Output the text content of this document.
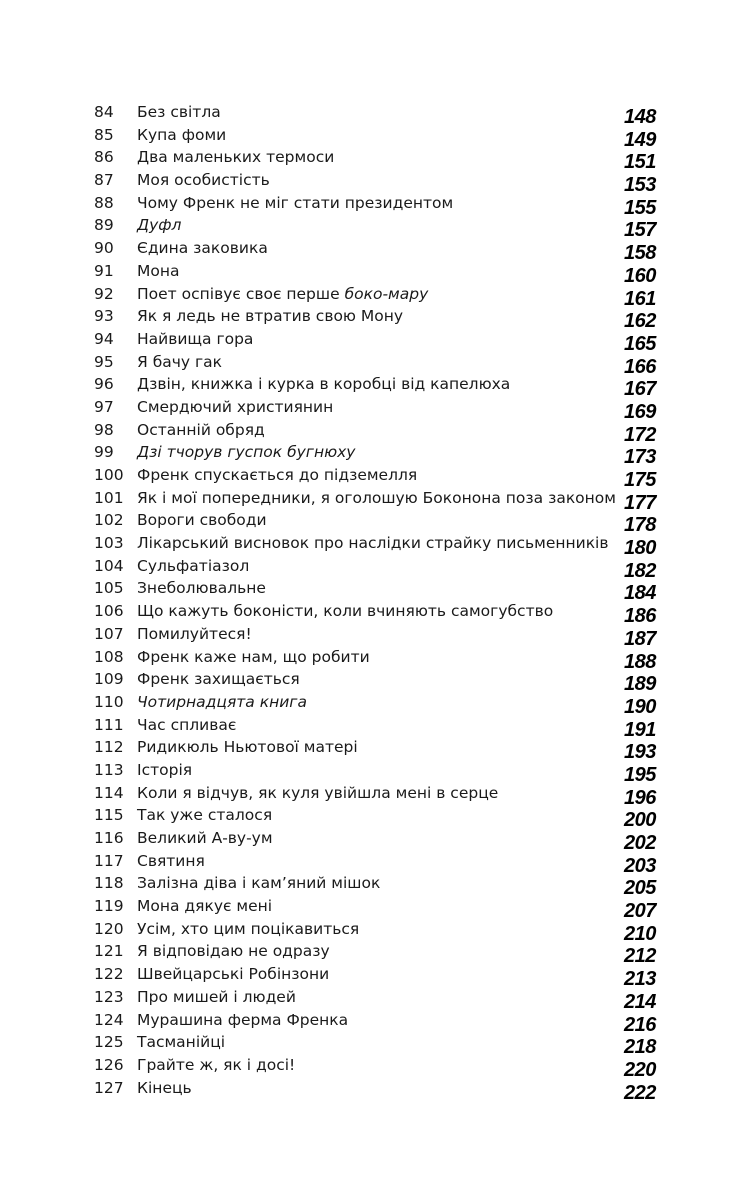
84 Без світла	148
85 Купа фоми	149
86 Два маленьких термоси	151
87 Моя особистість	153
88 Чому Френк не міг стати президентом	155
89 Дуфл	157
90 Єдина заковика	158
91 Мона	160
92 Поет оспівує своє перше боко-мару	161
93 Як я ледь не втратив свою Мону	162
94 Найвища гора	165
95 Я бачу гак	166
96 Дзвін, книжка і курка в коробці від капелюха	167
97 Смердючий християнин	169
98 Останній обряд	172
99 Дзі тчорув гуспок бугнюху	173
100 Френк спускається до підземелля	175
101 Як і мої попередники, я оголошую Боконона поза законом 177
102 Вороги свободи	178
103 Лікарський висновок про наслідки страйку письменників 180
104 Сульфатіазол	182
105 Знеболювальне	184
106 Що кажуть боконісти, коли вчиняють самогубство	186
107 Помилуйтеся!	187
108 Френк каже нам, що робити	188
109 Френк захищається	189
110 Чотирнадцята книга	190
111 Час спливає	191
112 Ридикюль Ньютової матері	193
113 Історія	195
114 Коли я відчув, як куля увійшла мені в серце	196
115 Так уже сталося	200
116 Великий А-ву-ум	202
117 Святиня	203
118 Залізна діва і кам’яний мішок	205
119 Мона дякує мені	207
120 Усім, хто цим поцікавиться	210
121 Я відповідаю не одразу	212
122 Швейцарські Робінзони	213
123 Про мишей і людей	214
124 Мурашина ферма Френка	216
125 Тасманійці	218
126 Грайте ж, як і досі!	220
127 Кінець	222
